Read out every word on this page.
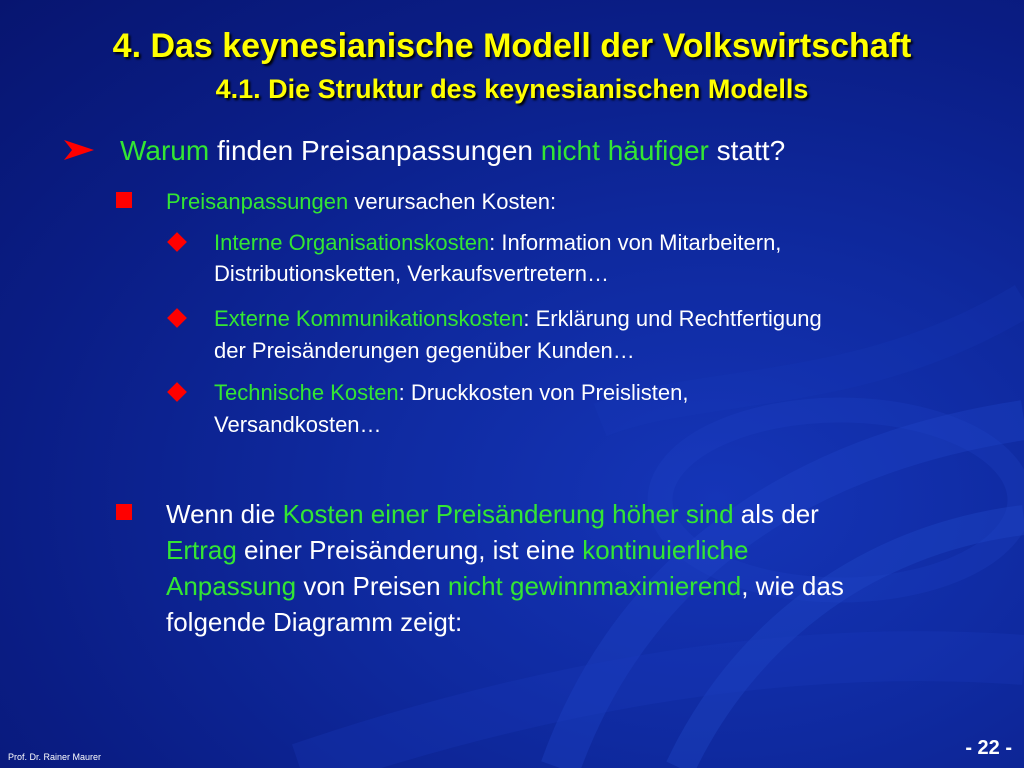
4. Das keynesianische Modell der Volkswirtschaft
4.1. Die Struktur des keynesianischen Modells

Warum finden Preisanpassungen nicht häufiger statt?

Preisanpassungen verursachen Kosten:

Interne Organisationskosten: Information von Mitarbeitern,

Distributionsketten, Verkaufsvertretern…

Externe Kommunikationskosten: Erklärung und Rechtfertigung

der Preisänderungen gegenüber Kunden…

Technische Kosten: Druckkosten von Preislisten,

Versandkosten…

Wenn die Kosten einer Preisänderung höher sind als der

Ertrag einer Preisänderung, ist eine kontinuierliche

Anpassung von Preisen nicht gewinnmaximierend, wie das

folgende Diagramm zeigt:

Prof. Dr. Rainer Maurer	- 22 -
